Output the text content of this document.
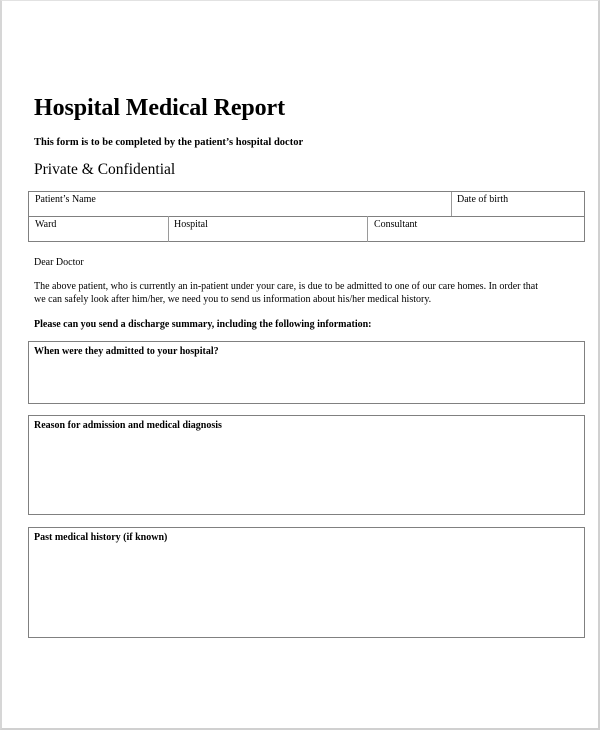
Hospital Medical Report
This form is to be completed by the patient’s hospital doctor
Private & Confidential
Patient’s Name	Date of birth
Ward	Hospital	Consultant
Dear Doctor
The above patient, who is currently an in-patient under your care, is due to be admitted to one of our care homes. In order that
we can safely look after him/her, we need you to send us information about his/her medical history.
Please can you send a discharge summary, including the following information:
When were they admitted to your hospital?
Reason for admission and medical diagnosis
Past medical history (if known)
